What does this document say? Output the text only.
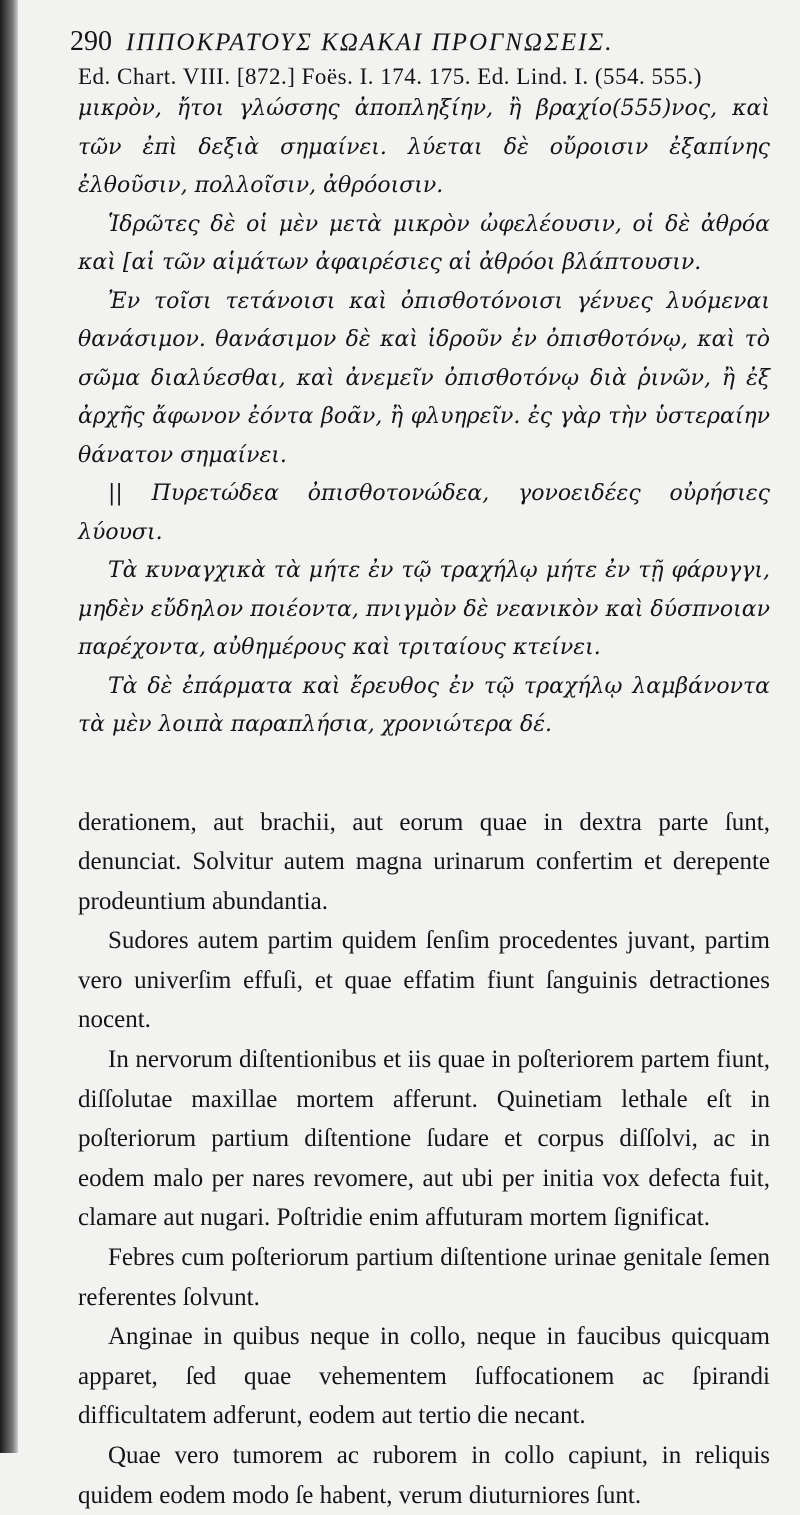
290 ΙΠΠΟΚΡΑΤΟΥΣ ΚΩΑΚΑΙ ΠΡΟΓΝΩΣΕΙΣ.
Ed. Chart. VIII. [872.] Foës. I. 174. 175. Ed. Lind. I. (554. 555.)

μικρὸν, ἤτοι γλώσσης ἀποπληξίην, ἢ βραχίο(555)νος, καὶ τῶν ἐπὶ δεξιὰ σημαίνει. λύεται δὲ οὔροισιν ἐξαπίνης ἐλθοῦσιν, πολλοῖσιν, ἀθρόοισιν.

Ἱδρῶτες δὲ οἱ μὲν μετὰ μικρὸν ὠφελέουσιν, οἱ δὲ ἀθρόα καὶ [αἱ τῶν αἱμάτων ἀφαιρέσιες αἱ ἀθρόοι βλάπτουσιν.

Ἐν τοῖσι τετάνοισι καὶ ὀπισθοτόνοισι γένυες λυόμεναι θανάσιμον. θανάσιμον δὲ καὶ ἱδροῦν ἐν ὀπισθοτόνῳ, καὶ τὸ σῶμα διαλύεσθαι, καὶ ἀνεμεῖν ὀπισθοτόνῳ διὰ ῥινῶν, ἢ ἐξ ἀρχῆς ἄφωνον ἐόντα βοᾶν, ἢ φλυηρεῖν. ἐς γὰρ τὴν ὑστεραίην θάνατον σημαίνει.

|| Πυρετώδεα ὀπισθοτονώδεα, γονοειδέες οὐρήσιες λύουσι.

Τὰ κυναγχικὰ τὰ μήτε ἐν τῷ τραχήλῳ μήτε ἐν τῇ φάρυγγι, μηδὲν εὔδηλον ποιέοντα, πνιγμὸν δὲ νεανικὸν καὶ δύσπνοιαν παρέχοντα, αὐθημέρους καὶ τριταίους κτείνει.

Τὰ δὲ ἐπάρματα καὶ ἔρευθος ἐν τῷ τραχήλῳ λαμβάνοντα τὰ μὲν λοιπὰ παραπλήσια, χρονιώτερα δέ.

derationem, aut brachii, aut eorum quae in dextra parte ſunt, denunciat. Solvitur autem magna urinarum confertim et derepente prodeuntium abundantia.

Sudores autem partim quidem ſenſim procedentes juvant, partim vero univerſim effuſi, et quae effatim fiunt ſanguinis detractiones nocent.

In nervorum diſtentionibus et iis quae in poſteriorem partem fiunt, diſſolutae maxillae mortem afferunt. Quinetiam lethale eſt in poſteriorum partium diſtentione ſudare et corpus diſſolvi, ac in eodem malo per nares revomere, aut ubi per initia vox defecta fuit, clamare aut nugari. Poſtridie enim affuturam mortem ſignificat.

Febres cum poſteriorum partium diſtentione urinae genitale ſemen referentes ſolvunt.

Anginae in quibus neque in collo, neque in faucibus quicquam apparet, ſed quae vehementem ſuffocationem ac ſpirandi difficultatem adferunt, eodem aut tertio die necant.

Quae vero tumorem ac ruborem in collo capiunt, in reliquis quidem eodem modo ſe habent, verum diuturniores ſunt.
